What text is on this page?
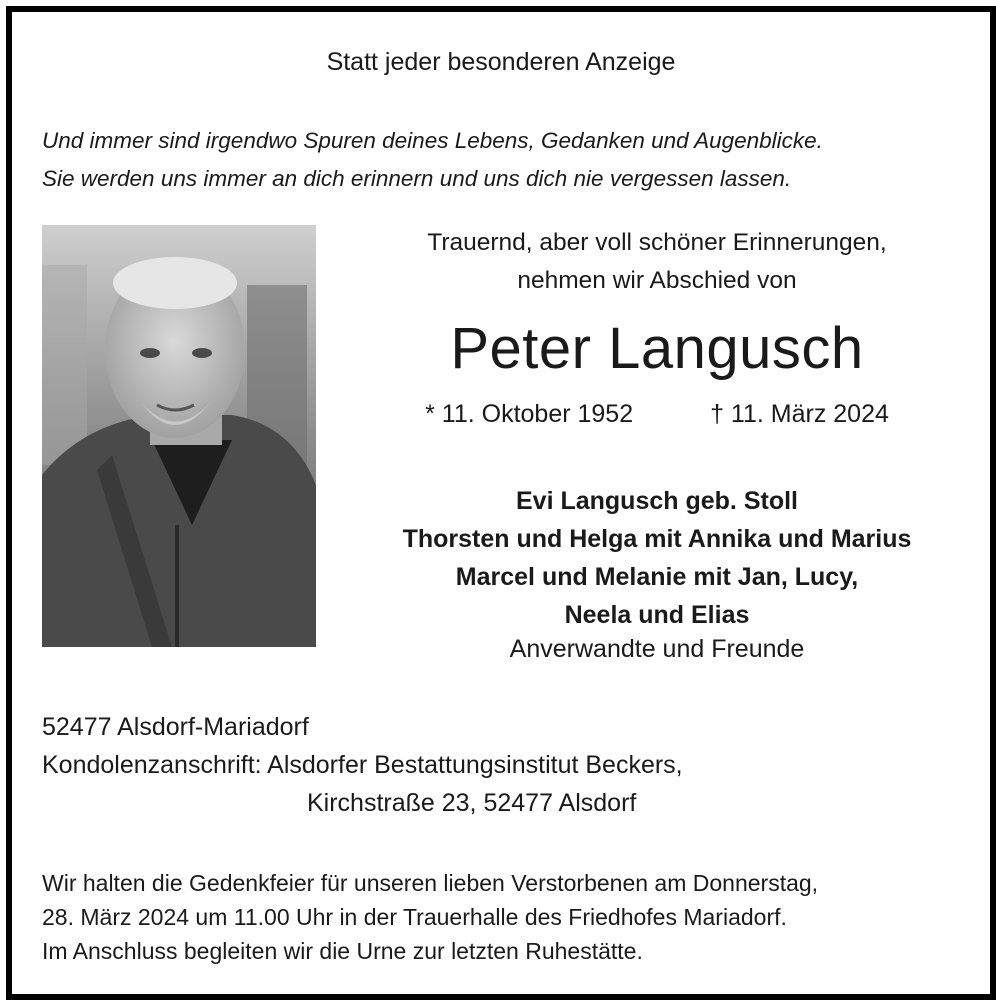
Statt jeder besonderen Anzeige
Und immer sind irgendwo Spuren deines Lebens, Gedanken und Augenblicke.
Sie werden uns immer an dich erinnern und uns dich nie vergessen lassen.
Trauernd, aber voll schöner Erinnerungen,
nehmen wir Abschied von
Peter Langusch
* 11. Oktober 1952	† 11. März 2024
Evi Langusch geb. Stoll
Thorsten und Helga mit Annika und Marius
Marcel und Melanie mit Jan, Lucy,
Neela und Elias
Anverwandte und Freunde
52477 Alsdorf-Mariadorf
Kondolenzanschrift: Alsdorfer Bestattungsinstitut Beckers,
Kirchstraße 23, 52477 Alsdorf
Wir halten die Gedenkfeier für unseren lieben Verstorbenen am Donnerstag,
28. März 2024 um 11.00 Uhr in der Trauerhalle des Friedhofes Mariadorf.
Im Anschluss begleiten wir die Urne zur letzten Ruhestätte.
